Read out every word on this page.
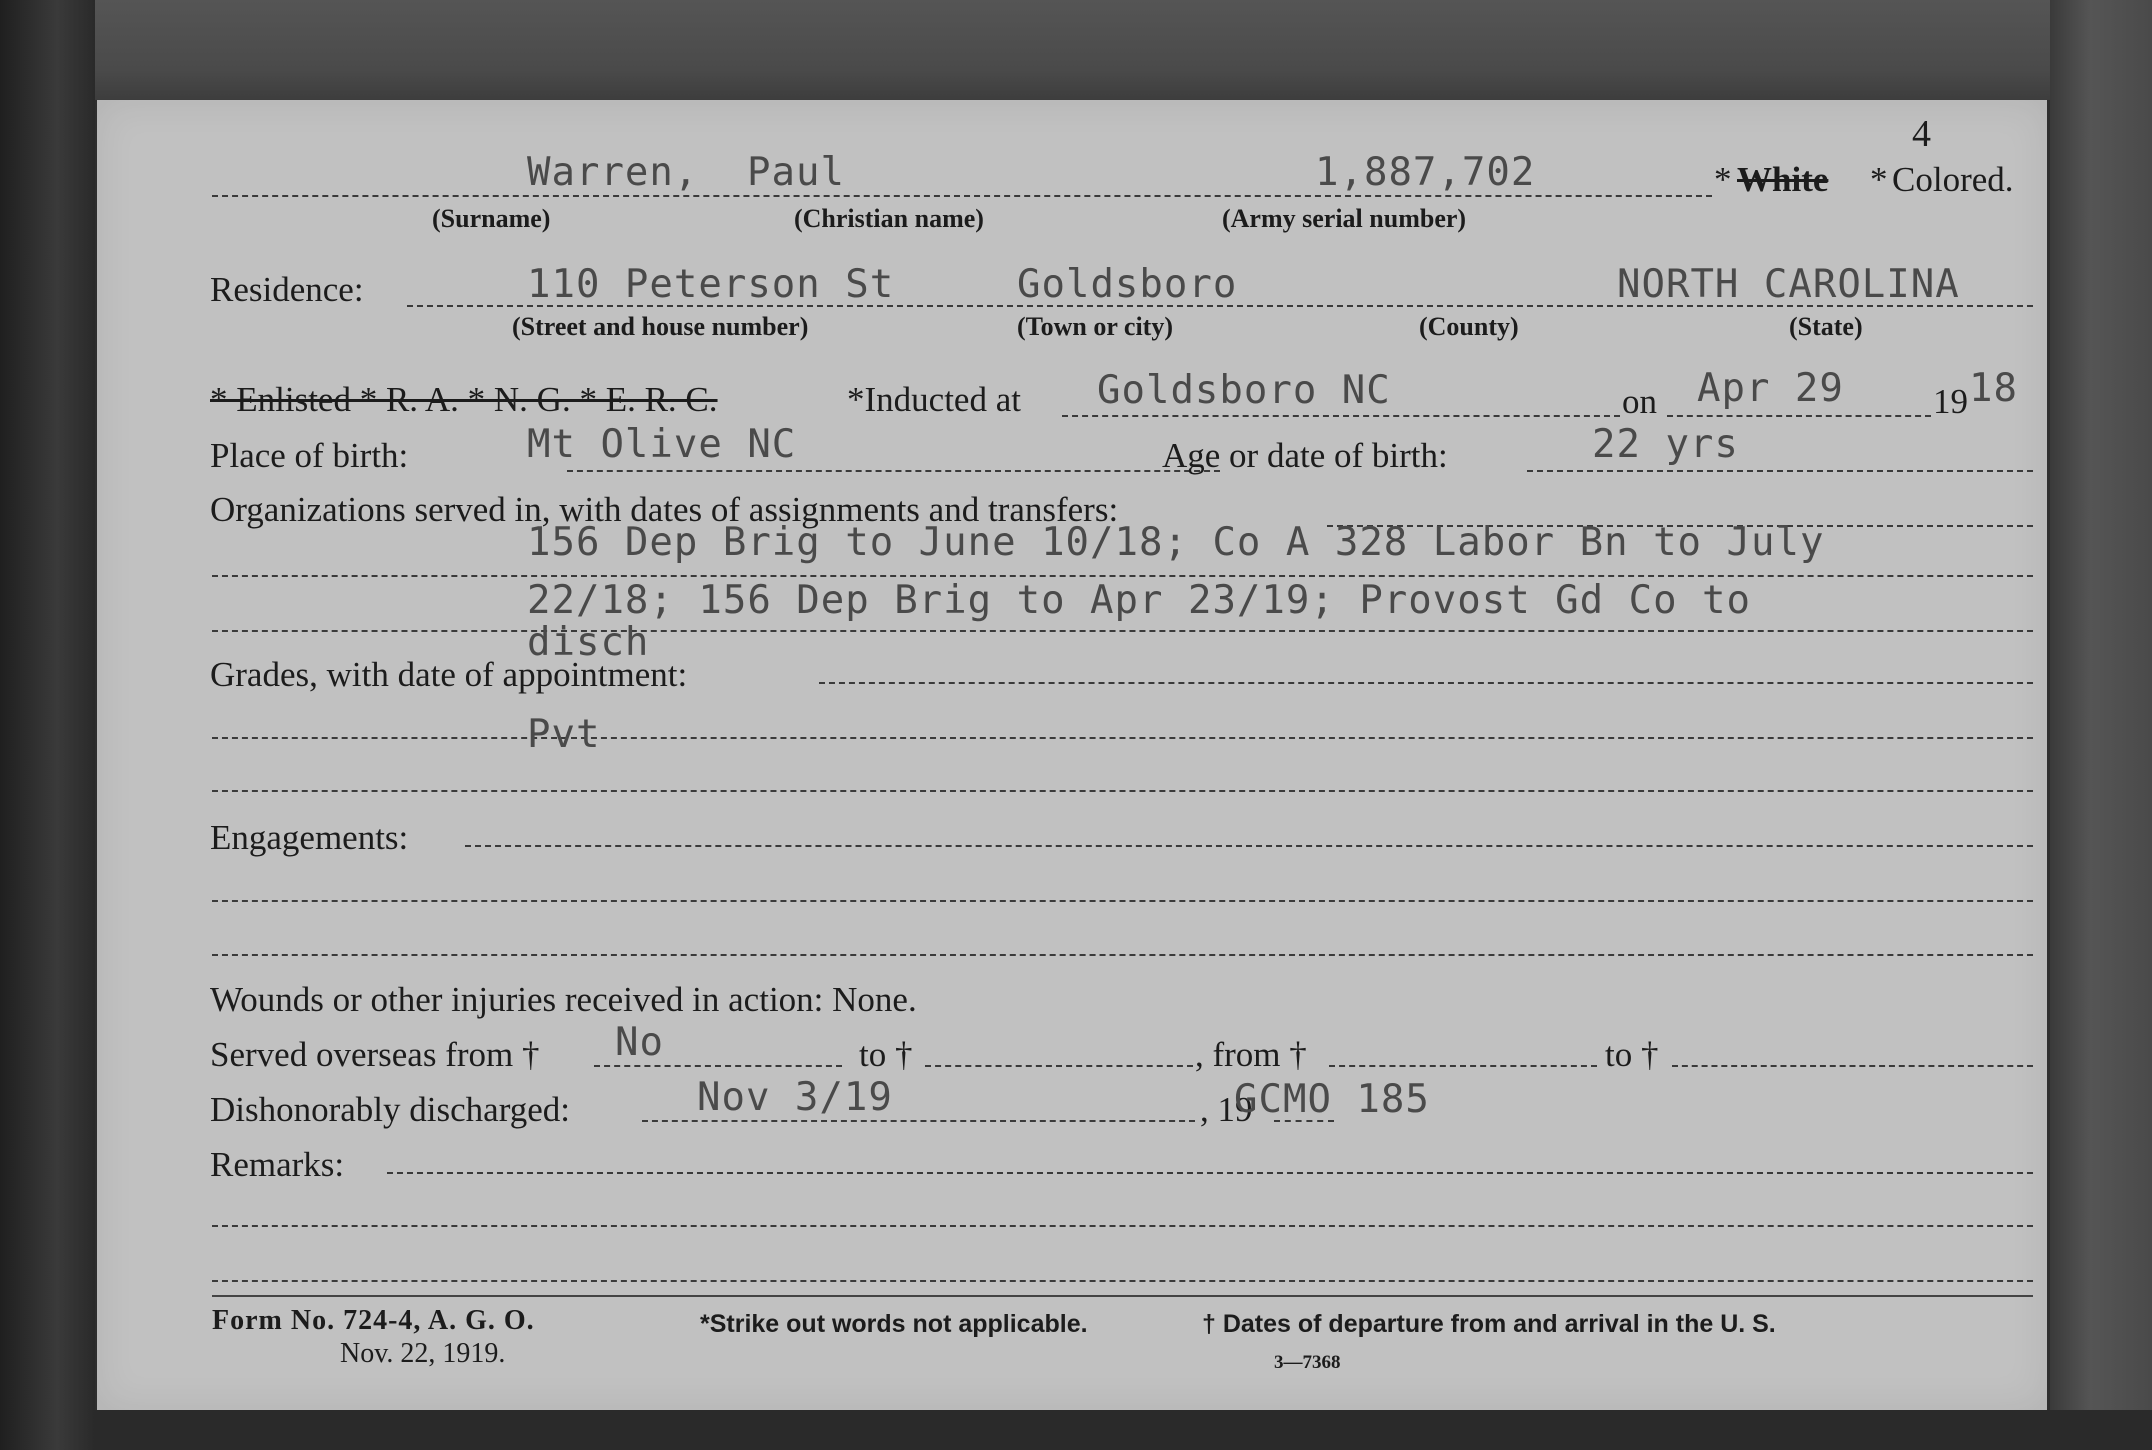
4
Warren, Paul	1,887,702
(Surname)	(Christian name)	(Army serial number)
* White * Colored.
Residence:	110 Peterson St	Goldsboro	NORTH CAROLINA
(Street and house number)	(Town or city)	(County)	(State)
* Enlisted * R. A. * N. G. * E. R. C.	*Inducted at Goldsboro NC	on Apr 29	19 18
Place of birth:	Mt Olive NC	Age or date of birth:	22 yrs
Organizations served in, with dates of assignments and transfers:
156 Dep Brig to June 10/18; Co A 328 Labor Bn to July
22/18; 156 Dep Brig to Apr 23/19; Provost Gd Co to
disch
Grades, with date of appointment:
Pvt
Engagements:
Wounds or other injuries received in action: None.
Served overseas from † No	to †	, from †	to †
Dishonorably discharged:	Nov 3/19	, 19
GCMO 185
Remarks:
Form No. 724-4, A. G. O.
Nov. 22, 1919.
*Strike out words not applicable.	† Dates of departure from and arrival in the U. S.
3—7368
